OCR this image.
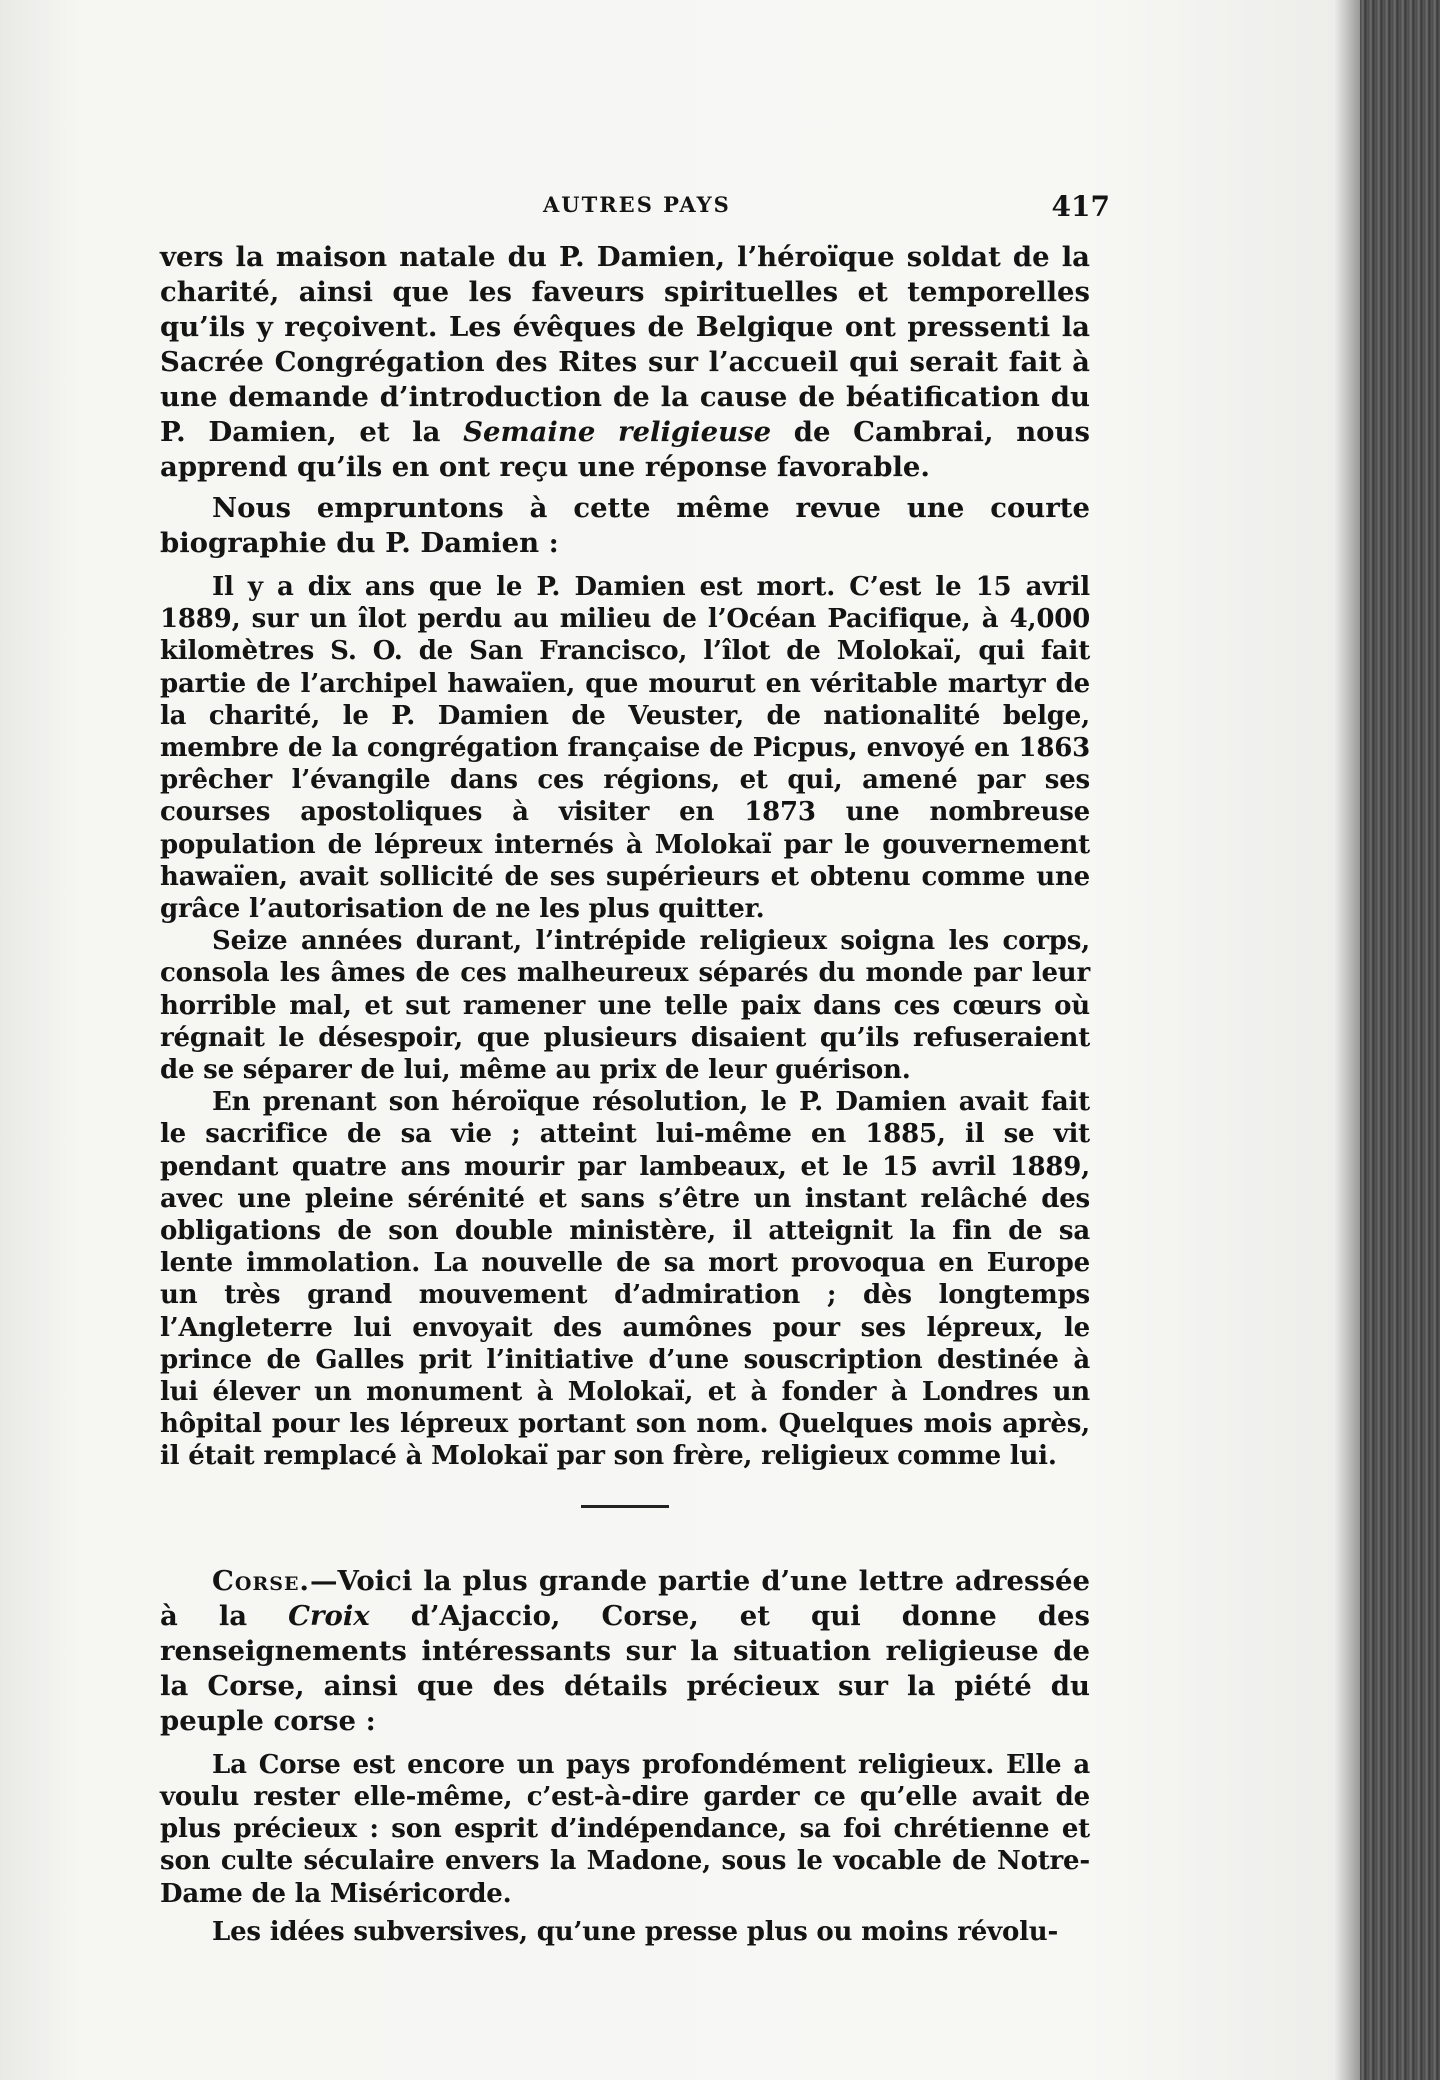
AUTRES PAYS	417

vers la maison natale du P. Damien, l’héroïque soldat de la charité, ainsi que les faveurs spirituelles et temporelles qu’ils y reçoivent. Les évêques de Belgique ont pressenti la Sacrée Congrégation des Rites sur l’accueil qui serait fait à une demande d’introduction de la cause de béatification du P. Damien, et la Semaine religieuse de Cambrai, nous apprend qu’ils en ont reçu une réponse favorable.

Nous empruntons à cette même revue une courte biographie du P. Damien :

Il y a dix ans que le P. Damien est mort. C’est le 15 avril 1889, sur un îlot perdu au milieu de l’Océan Pacifique, à 4,000 kilomètres S. O. de San Francisco, l’îlot de Molokaï, qui fait partie de l’archipel hawaïen, que mourut en véritable martyr de la charité, le P. Damien de Veuster, de nationalité belge, membre de la congrégation française de Picpus, envoyé en 1863 prêcher l’évangile dans ces régions, et qui, amené par ses courses apostoliques à visiter en 1873 une nombreuse population de lépreux internés à Molokaï par le gouvernement hawaïen, avait sollicité de ses supérieurs et obtenu comme une grâce l’autorisation de ne les plus quitter.

Seize années durant, l’intrépide religieux soigna les corps, consola les âmes de ces malheureux séparés du monde par leur horrible mal, et sut ramener une telle paix dans ces cœurs où régnait le désespoir, que plusieurs disaient qu’ils refuseraient de se séparer de lui, même au prix de leur guérison.

En prenant son héroïque résolution, le P. Damien avait fait le sacrifice de sa vie ; atteint lui-même en 1885, il se vit pendant quatre ans mourir par lambeaux, et le 15 avril 1889, avec une pleine sérénité et sans s’être un instant relâché des obligations de son double ministère, il atteignit la fin de sa lente immolation. La nouvelle de sa mort provoqua en Europe un très grand mouvement d’admiration ; dès longtemps l’Angleterre lui envoyait des aumônes pour ses lépreux, le prince de Galles prit l’initiative d’une souscription destinée à lui élever un monument à Molokaï, et à fonder à Londres un hôpital pour les lépreux portant son nom. Quelques mois après, il était remplacé à Molokaï par son frère, religieux comme lui.

Corse.—Voici la plus grande partie d’une lettre adressée à la Croix d’Ajaccio, Corse, et qui donne des renseignements intéressants sur la situation religieuse de la Corse, ainsi que des détails précieux sur la piété du peuple corse :

La Corse est encore un pays profondément religieux. Elle a voulu rester elle-même, c’est-à-dire garder ce qu’elle avait de plus précieux : son esprit d’indépendance, sa foi chrétienne et son culte séculaire envers la Madone, sous le vocable de Notre-Dame de la Miséricorde.

Les idées subversives, qu’une presse plus ou moins révolu-
